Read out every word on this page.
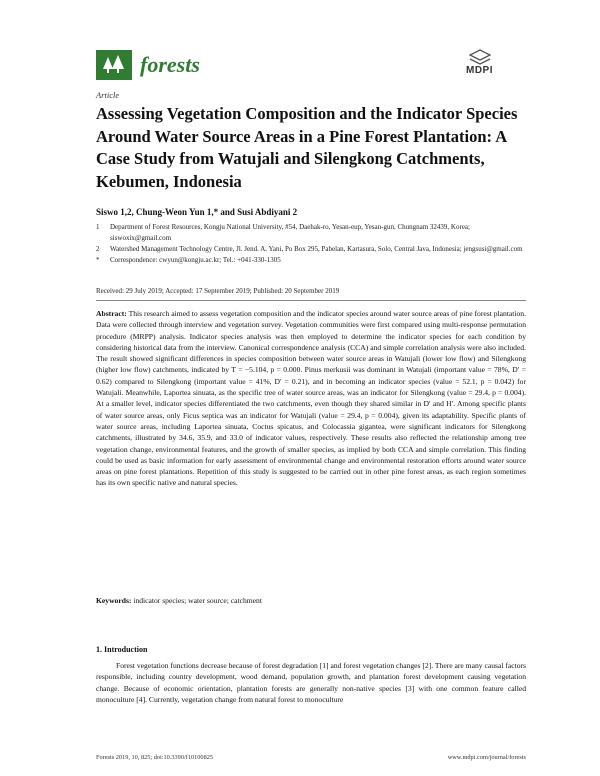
forests	MDPI
Article
Assessing Vegetation Composition and the Indicator Species Around Water Source Areas in a Pine Forest Plantation: A Case Study from Watujali and Silengkong Catchments, Kebumen, Indonesia
Siswo 1,2, Chung-Weon Yun 1,* and Susi Abdiyani 2
1	Department of Forest Resources, Kongju National University, #54, Daehak-ro, Yesan-eup, Yesan-gun, Chungnam 32439, Korea; siswoxix@gmail.com
2	Watershed Management Technology Centre, Jl. Jend. A. Yani, Po Box 295, Pabelan, Kartasura, Solo, Central Java, Indonesia; jengsusi@gmail.com
*	Correspondence: cwyun@kongju.ac.kr; Tel.: +041-330-1305
Received: 29 July 2019; Accepted: 17 September 2019; Published: 20 September 2019
Abstract: This research aimed to assess vegetation composition and the indicator species around water source areas of pine forest plantation. Data were collected through interview and vegetation survey. Vegetation communities were first compared using multi-response permutation procedure (MRPP) analysis. Indicator species analysis was then employed to determine the indicator species for each condition by considering historical data from the interview. Canonical correspondence analysis (CCA) and simple correlation analysis were also included. The result showed significant differences in species composition between water source areas in Watujali (lower low flow) and Silengkong (higher low flow) catchments, indicated by T = −5.104, p = 0.000. Pinus merkusii was dominant in Watujali (important value = 78%, D′ = 0.62) compared to Silengkong (important value = 41%, D′ = 0.21), and in becoming an indicator species (value = 52.1, p = 0.042) for Watujali. Meanwhile, Laportea sinuata, as the specific tree of water source areas, was an indicator for Silengkong (value = 29.4, p = 0.004). At a smaller level, indicator species differentiated the two catchments, even though they shared similar in D′ and H′. Among specific plants of water source areas, only Ficus septica was an indicator for Watujali (value = 29.4, p = 0.004), given its adaptability. Specific plants of water source areas, including Laportea sinuata, Coctus spicatus, and Colocassia gigantea, were significant indicators for Silengkong catchments, illustrated by 34.6, 35.9, and 33.0 of indicator values, respectively. These results also reflected the relationship among tree vegetation change, environmental features, and the growth of smaller species, as implied by both CCA and simple correlation. This finding could be used as basic information for early assessment of environmental change and environmental restoration efforts around water source areas on pine forest plantations. Repetition of this study is suggested to be carried out in other pine forest areas, as each region sometimes has its own specific native and natural species.
Keywords: indicator species; water source; catchment
1. Introduction
Forest vegetation functions decrease because of forest degradation [1] and forest vegetation changes [2]. There are many causal factors responsible, including country development, wood demand, population growth, and plantation forest development causing vegetation change. Because of economic orientation, plantation forests are generally non-native species [3] with one common feature called monoculture [4]. Currently, vegetation change from natural forest to monoculture
Forests 2019, 10, 825; doi:10.3390/f10100825	www.mdpi.com/journal/forests
